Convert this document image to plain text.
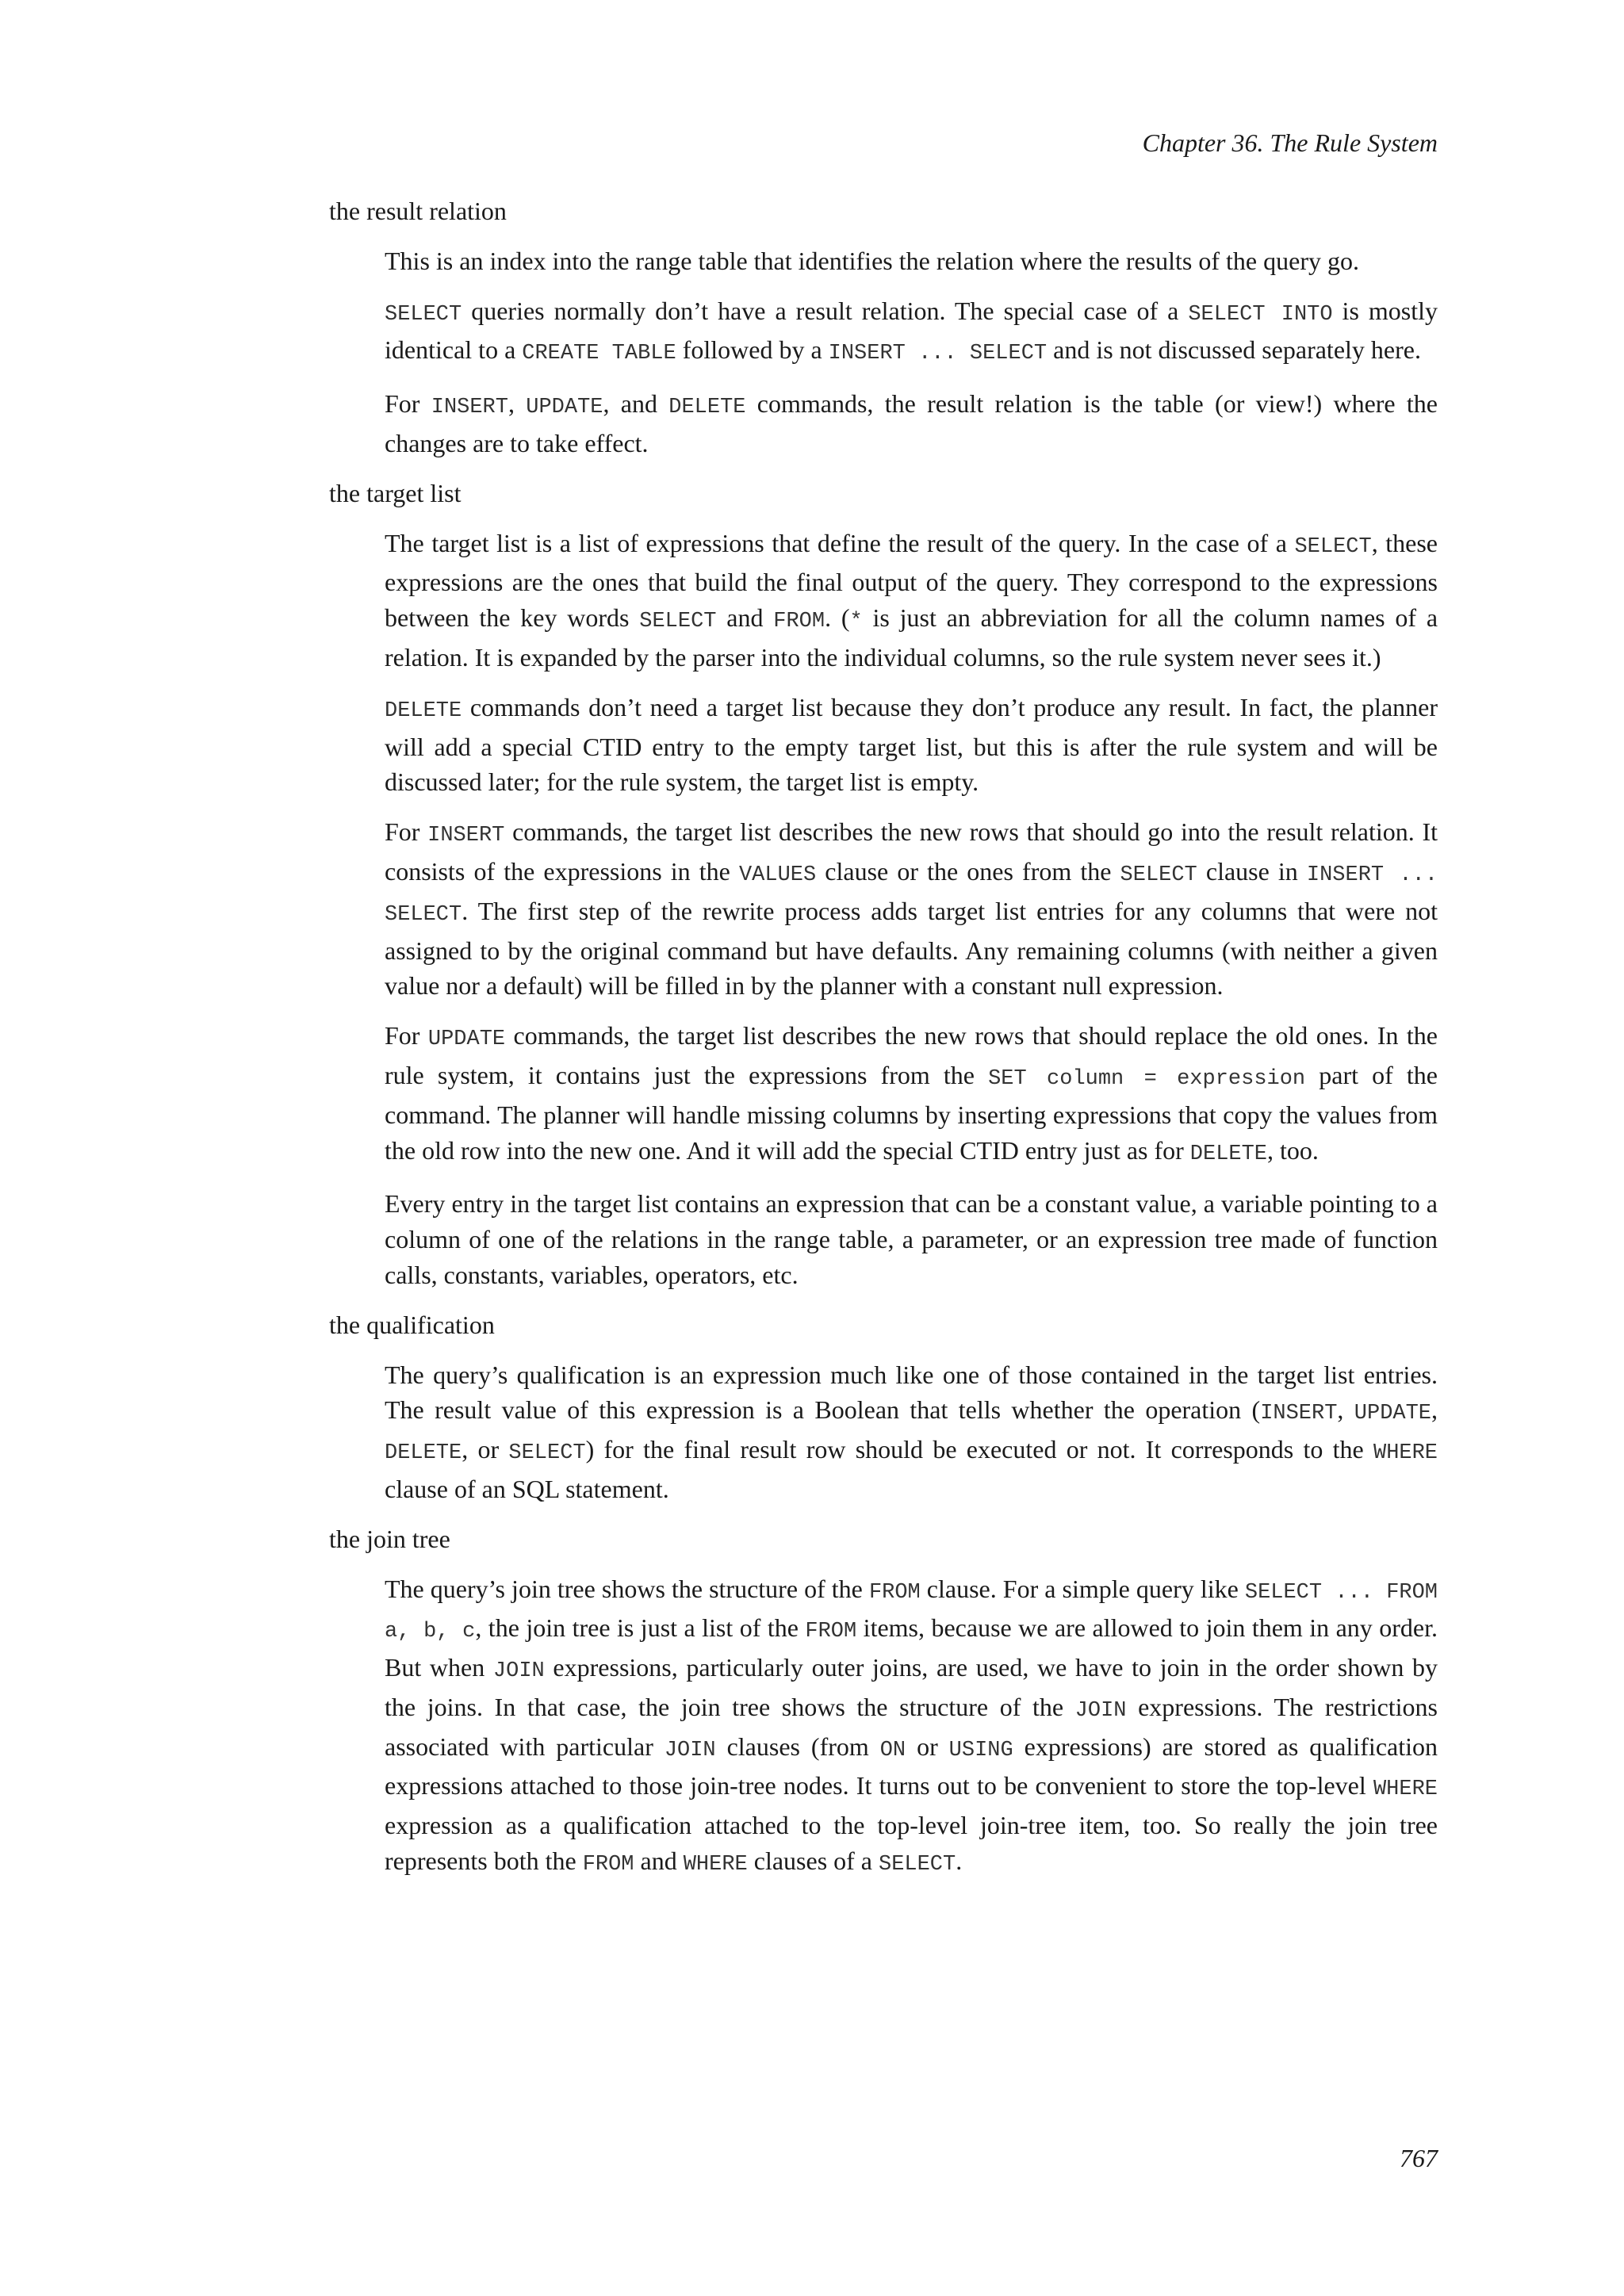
Chapter 36. The Rule System
the result relation

This is an index into the range table that identifies the relation where the results of the query go.

SELECT queries normally don’t have a result relation. The special case of a SELECT INTO is mostly identical to a CREATE TABLE followed by a INSERT ... SELECT and is not discussed separately here.

For INSERT, UPDATE, and DELETE commands, the result relation is the table (or view!) where the changes are to take effect.

the target list

The target list is a list of expressions that define the result of the query. In the case of a SELECT, these expressions are the ones that build the final output of the query. They correspond to the expressions between the key words SELECT and FROM. (* is just an abbreviation for all the column names of a relation. It is expanded by the parser into the individual columns, so the rule system never sees it.)

DELETE commands don’t need a target list because they don’t produce any result. In fact, the planner will add a special CTID entry to the empty target list, but this is after the rule system and will be discussed later; for the rule system, the target list is empty.

For INSERT commands, the target list describes the new rows that should go into the result relation. It consists of the expressions in the VALUES clause or the ones from the SELECT clause in INSERT ... SELECT. The first step of the rewrite process adds target list entries for any columns that were not assigned to by the original command but have defaults. Any remaining columns (with neither a given value nor a default) will be filled in by the planner with a constant null expression.

For UPDATE commands, the target list describes the new rows that should replace the old ones. In the rule system, it contains just the expressions from the SET column = expression part of the command. The planner will handle missing columns by inserting expressions that copy the values from the old row into the new one. And it will add the special CTID entry just as for DELETE, too.

Every entry in the target list contains an expression that can be a constant value, a variable pointing to a column of one of the relations in the range table, a parameter, or an expression tree made of function calls, constants, variables, operators, etc.

the qualification

The query’s qualification is an expression much like one of those contained in the target list entries. The result value of this expression is a Boolean that tells whether the operation (INSERT, UPDATE, DELETE, or SELECT) for the final result row should be executed or not. It corresponds to the WHERE clause of an SQL statement.

the join tree

The query’s join tree shows the structure of the FROM clause. For a simple query like SELECT ... FROM a, b, c, the join tree is just a list of the FROM items, because we are allowed to join them in any order. But when JOIN expressions, particularly outer joins, are used, we have to join in the order shown by the joins. In that case, the join tree shows the structure of the JOIN expressions. The restrictions associated with particular JOIN clauses (from ON or USING expressions) are stored as qualification expressions attached to those join-tree nodes. It turns out to be convenient to store the top-level WHERE expression as a qualification attached to the top-level join-tree item, too. So really the join tree represents both the FROM and WHERE clauses of a SELECT.

767
